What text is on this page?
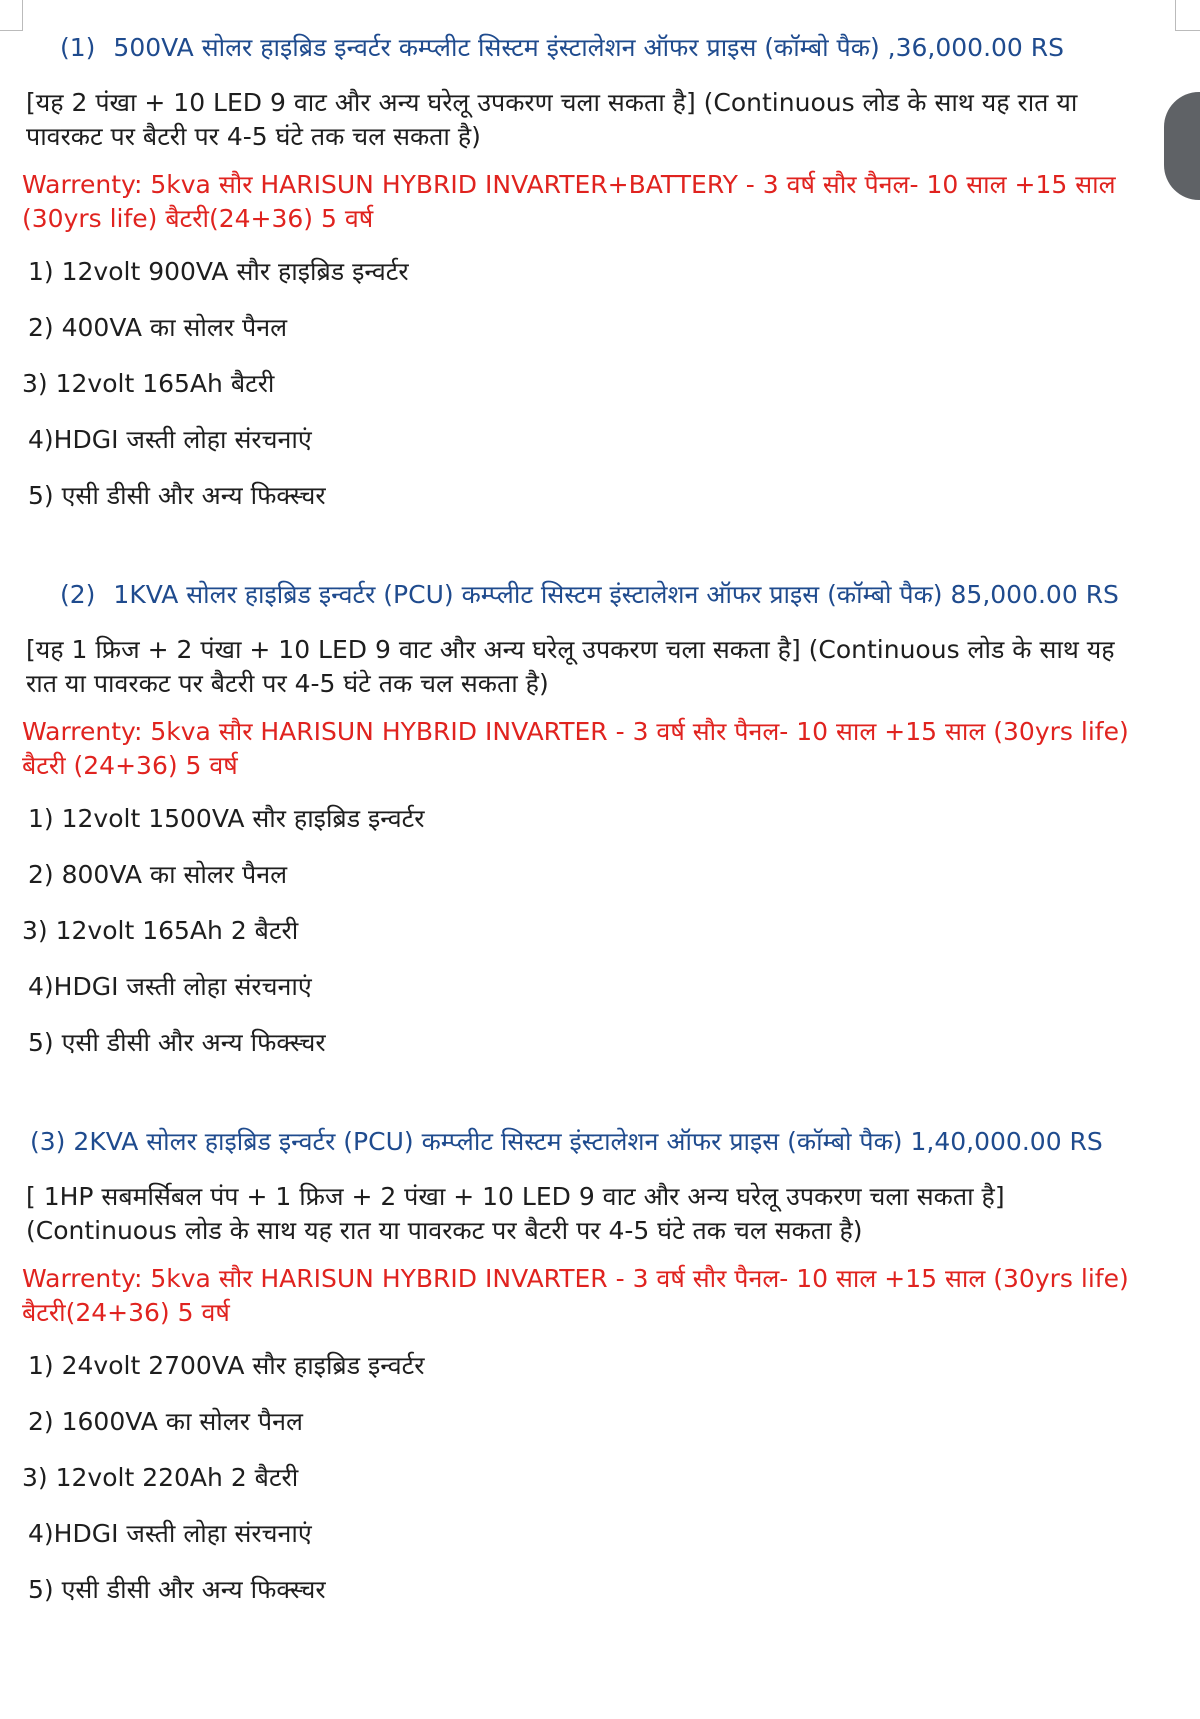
(1) 500VA सोलर हाइब्रिड इन्वर्टर कम्प्लीट सिस्टम इंस्टालेशन ऑफर प्राइस (कॉम्बो पैक) ,36,000.00 RS
[यह 2 पंखा + 10 LED 9 वाट और अन्य घरेलू उपकरण चला सकता है] (Continuous लोड के साथ यह रात या पावरकट पर बैटरी पर 4-5 घंटे तक चल सकता है)
Warrenty: 5kva सौर HARISUN HYBRID INVARTER+BATTERY - 3 वर्ष सौर पैनल- 10 साल +15 साल (30yrs life) बैटरी(24+36) 5 वर्ष
1) 12volt 900VA सौर हाइब्रिड इन्वर्टर
2) 400VA का सोलर पैनल
3) 12volt 165Ah बैटरी
4)HDGI जस्ती लोहा संरचनाएं
5) एसी डीसी और अन्य फिक्स्चर
(2) 1KVA सोलर हाइब्रिड इन्वर्टर (PCU) कम्प्लीट सिस्टम इंस्टालेशन ऑफर प्राइस (कॉम्बो पैक) 85,000.00 RS
[यह 1 फ्रिज + 2 पंखा + 10 LED 9 वाट और अन्य घरेलू उपकरण चला सकता है] (Continuous लोड के साथ यह रात या पावरकट पर बैटरी पर 4-5 घंटे तक चल सकता है)
Warrenty: 5kva सौर HARISUN HYBRID INVARTER - 3 वर्ष सौर पैनल- 10 साल +15 साल (30yrs life) बैटरी (24+36) 5 वर्ष
1) 12volt 1500VA सौर हाइब्रिड इन्वर्टर
2) 800VA का सोलर पैनल
3) 12volt 165Ah 2 बैटरी
4)HDGI जस्ती लोहा संरचनाएं
5) एसी डीसी और अन्य फिक्स्चर
(3) 2KVA सोलर हाइब्रिड इन्वर्टर (PCU) कम्प्लीट सिस्टम इंस्टालेशन ऑफर प्राइस (कॉम्बो पैक) 1,40,000.00 RS
[ 1HP सबमर्सिबल पंप + 1 फ्रिज + 2 पंखा + 10 LED 9 वाट और अन्य घरेलू उपकरण चला सकता है] (Continuous लोड के साथ यह रात या पावरकट पर बैटरी पर 4-5 घंटे तक चल सकता है)
Warrenty: 5kva सौर HARISUN HYBRID INVARTER - 3 वर्ष सौर पैनल- 10 साल +15 साल (30yrs life) बैटरी(24+36) 5 वर्ष
1) 24volt 2700VA सौर हाइब्रिड इन्वर्टर
2) 1600VA का सोलर पैनल
3) 12volt 220Ah 2 बैटरी
4)HDGI जस्ती लोहा संरचनाएं
5) एसी डीसी और अन्य फिक्स्चर
